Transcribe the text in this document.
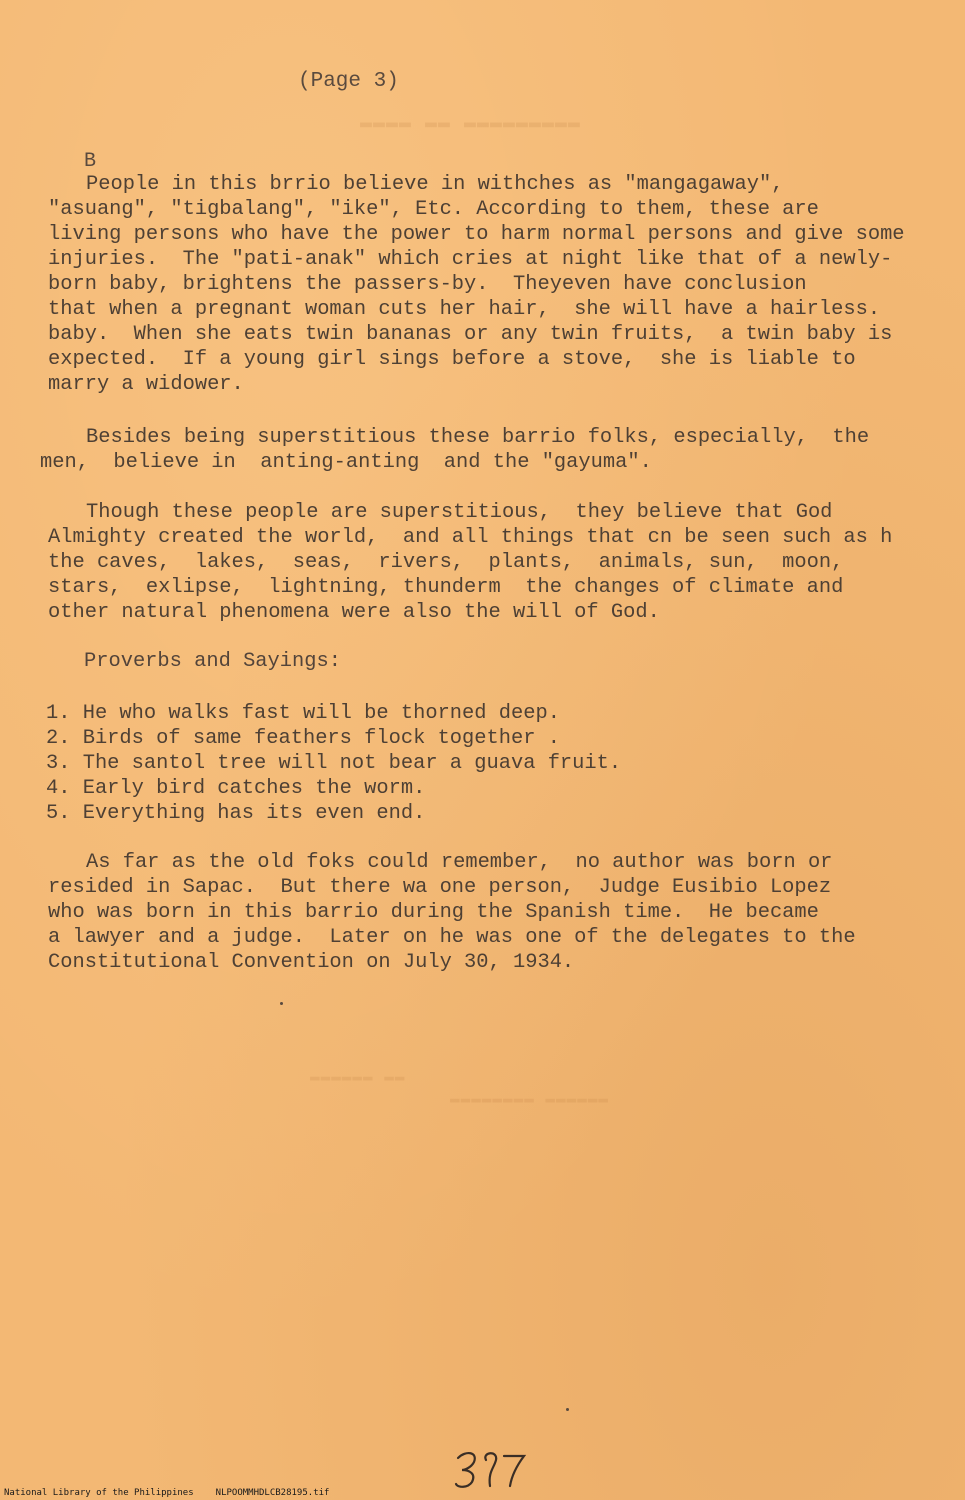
▬▬▬▬ ▬▬ ▬▬▬▬▬▬▬▬▬
▬▬▬▬▬▬ ▬▬
▬▬▬▬▬▬▬▬ ▬▬▬▬▬▬
(Page 3)
B
People in this brrio believe in withches as "mangagaway",
"asuang", "tigbalang", "ike", Etc. According to them, these are
living persons who have the power to harm normal persons and give some
injuries.  The "pati-anak" which cries at night like that of a newly-
born baby, brightens the passers-by.  Theyeven have conclusion
that when a pregnant woman cuts her hair,  she will have a hairless.
baby.  When she eats twin bananas or any twin fruits,  a twin baby is
expected.  If a young girl sings before a stove,  she is liable to
marry a widower.
Besides being superstitious these barrio folks, especially,  the
men,  believe in  anting-anting  and the "gayuma".
Though these people are superstitious,  they believe that God
Almighty created the world,  and all things that cn be seen such as h
the caves,  lakes,  seas,  rivers,  plants,  animals, sun,  moon,
stars,  exlipse,  lightning, thunderm  the changes of climate and
other natural phenomena were also the will of God.
Proverbs and Sayings:
1. He who walks fast will be thorned deep.
2. Birds of same feathers flock together .
3. The santol tree will not bear a guava fruit.
4. Early bird catches the worm.
5. Everything has its even end.
As far as the old foks could remember,  no author was born or
resided in Sapac.  But there wa one person,  Judge Eusibio Lopez
who was born in this barrio during the Spanish time.  He became
a lawyer and a judge.  Later on he was one of the delegates to the
Constitutional Convention on July 30, 1934.
National Library of the Philippines NLPOOMMHDLCB28195.tif
